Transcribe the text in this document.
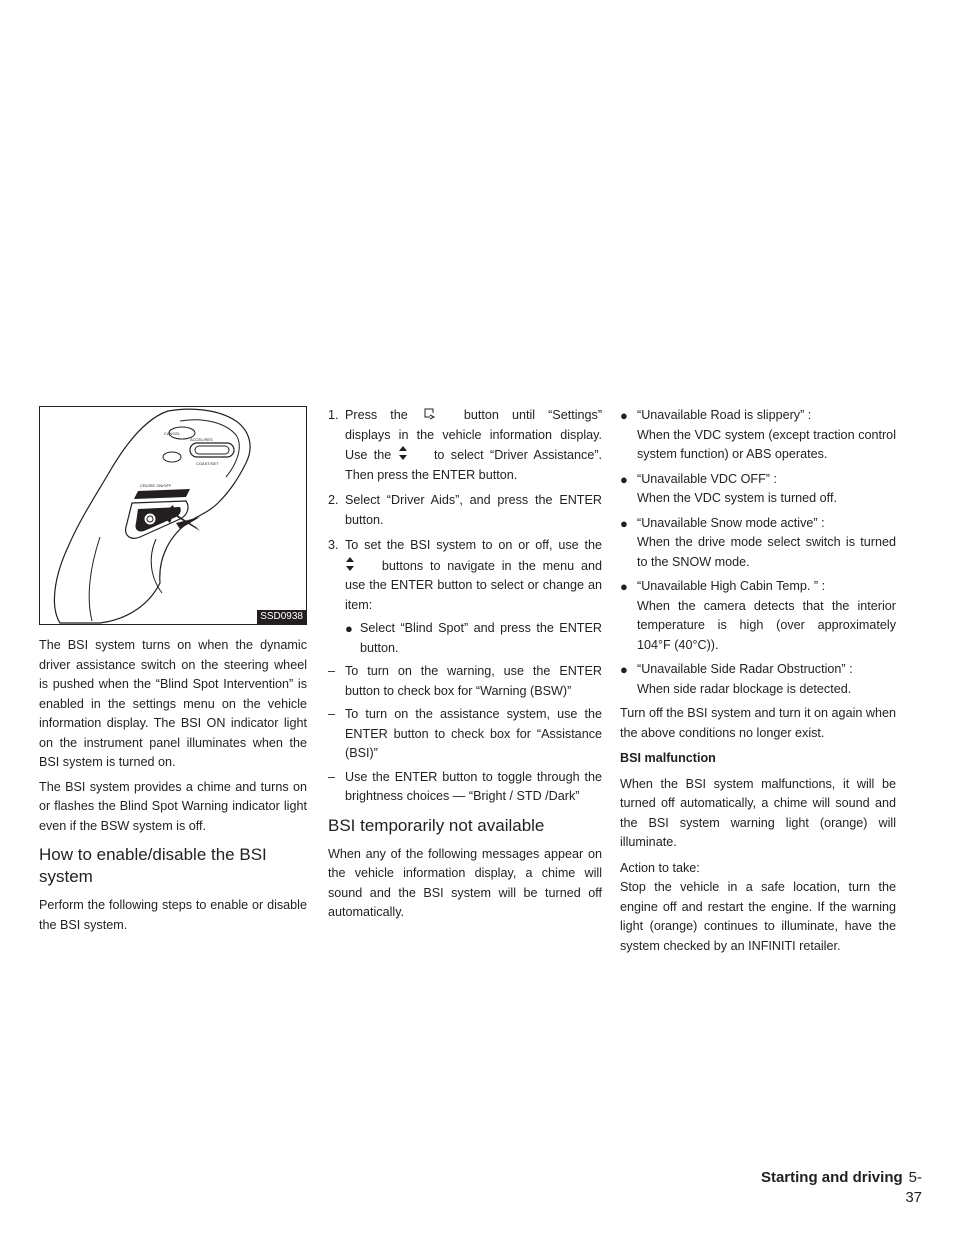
CANCEL
ACCEL/RES
COAST/SET
CRUISE ON/OFF
SSD0938

The BSI system turns on when the dynamic driver assistance switch on the steering wheel is pushed when the “Blind Spot Intervention” is enabled in the settings menu on the vehicle information display. The BSI ON indicator light on the instrument panel illuminates when the BSI system is turned on.

The BSI system provides a chime and turns on or flashes the Blind Spot Warning indicator light even if the BSW system is off.

How to enable/disable the BSI system

Perform the following steps to enable or disable the BSI system.

1. Press the	button until “Settings” displays in the vehicle information display. Use the	to select “Driver Assistance”. Then press the ENTER button.
2. Select “Driver Aids”, and press the ENTER button.
3. To set the BSI system to on or off, use the  buttons to navigate in the menu and use the ENTER button to select or change an item:
● Select “Blind Spot” and press the ENTER button.
– To turn on the warning, use the ENTER button to check box for “Warning (BSW)”
– To turn on the assistance system, use the ENTER button to check box for “Assistance (BSI)”
– Use the ENTER button to toggle through the brightness choices — “Bright / STD /Dark”
BSI temporarily not available

When any of the following messages appear on the vehicle information display, a chime will sound and the BSI system will be turned off automatically.

● “Unavailable Road is slippery” :
When the VDC system (except traction control system function) or ABS operates.
● “Unavailable VDC OFF” :
When the VDC system is turned off.
● “Unavailable Snow mode active” :
When the drive mode select switch is turned to the SNOW mode.
● “Unavailable High Cabin Temp. ” :
When the camera detects that the interior temperature is high (over approximately 104°F (40°C)).
● “Unavailable Side Radar Obstruction” :
When side radar blockage is detected.

Turn off the BSI system and turn it on again when the above conditions no longer exist.

BSI malfunction

When the BSI system malfunctions, it will be turned off automatically, a chime will sound and the BSI system warning light (orange) will illuminate.

Action to take:

Stop the vehicle in a safe location, turn the engine off and restart the engine. If the warning light (orange) continues to illuminate, have the system checked by an INFINITI retailer.

Starting and driving 5-37
